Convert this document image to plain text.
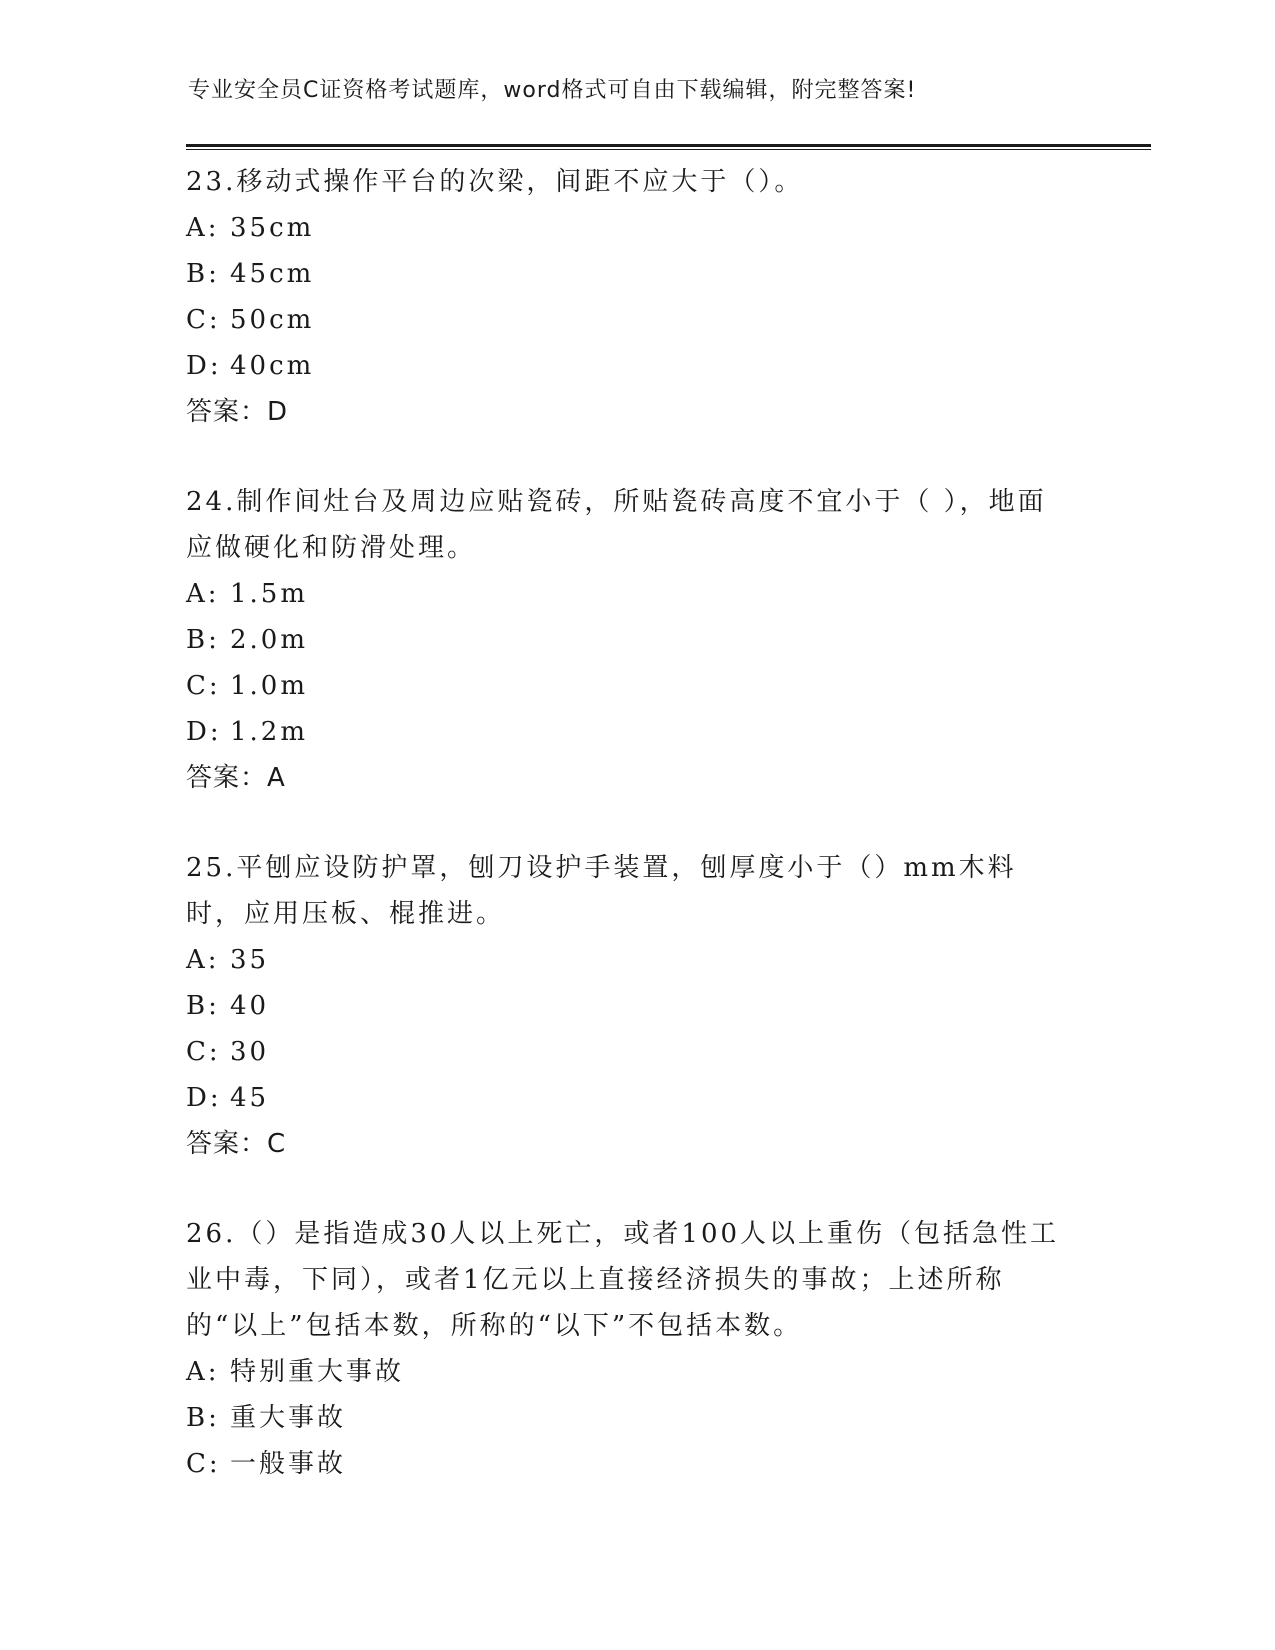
专业安全员C证资格考试题库，word格式可自由下载编辑，附完整答案!
23.移动式操作平台的次梁，间距不应大于（）。
A: 35cm
B: 45cm
C: 50cm
D: 40cm
答案：D
24.制作间灶台及周边应贴瓷砖，所贴瓷砖高度不宜小于（ ），地面应做硬化和防滑处理。
A: 1.5m
B: 2.0m
C: 1.0m
D: 1.2m
答案：A
25.平刨应设防护罩，刨刀设护手装置，刨厚度小于（）mm木料时，应用压板、棍推进。
A: 35
B: 40
C: 30
D: 45
答案：C
26.（）是指造成30人以上死亡，或者100人以上重伤（包括急性工业中毒，下同），或者1亿元以上直接经济损失的事故；上述所称的“以上”包括本数，所称的“以下”不包括本数。
A: 特别重大事故
B: 重大事故
C: 一般事故
